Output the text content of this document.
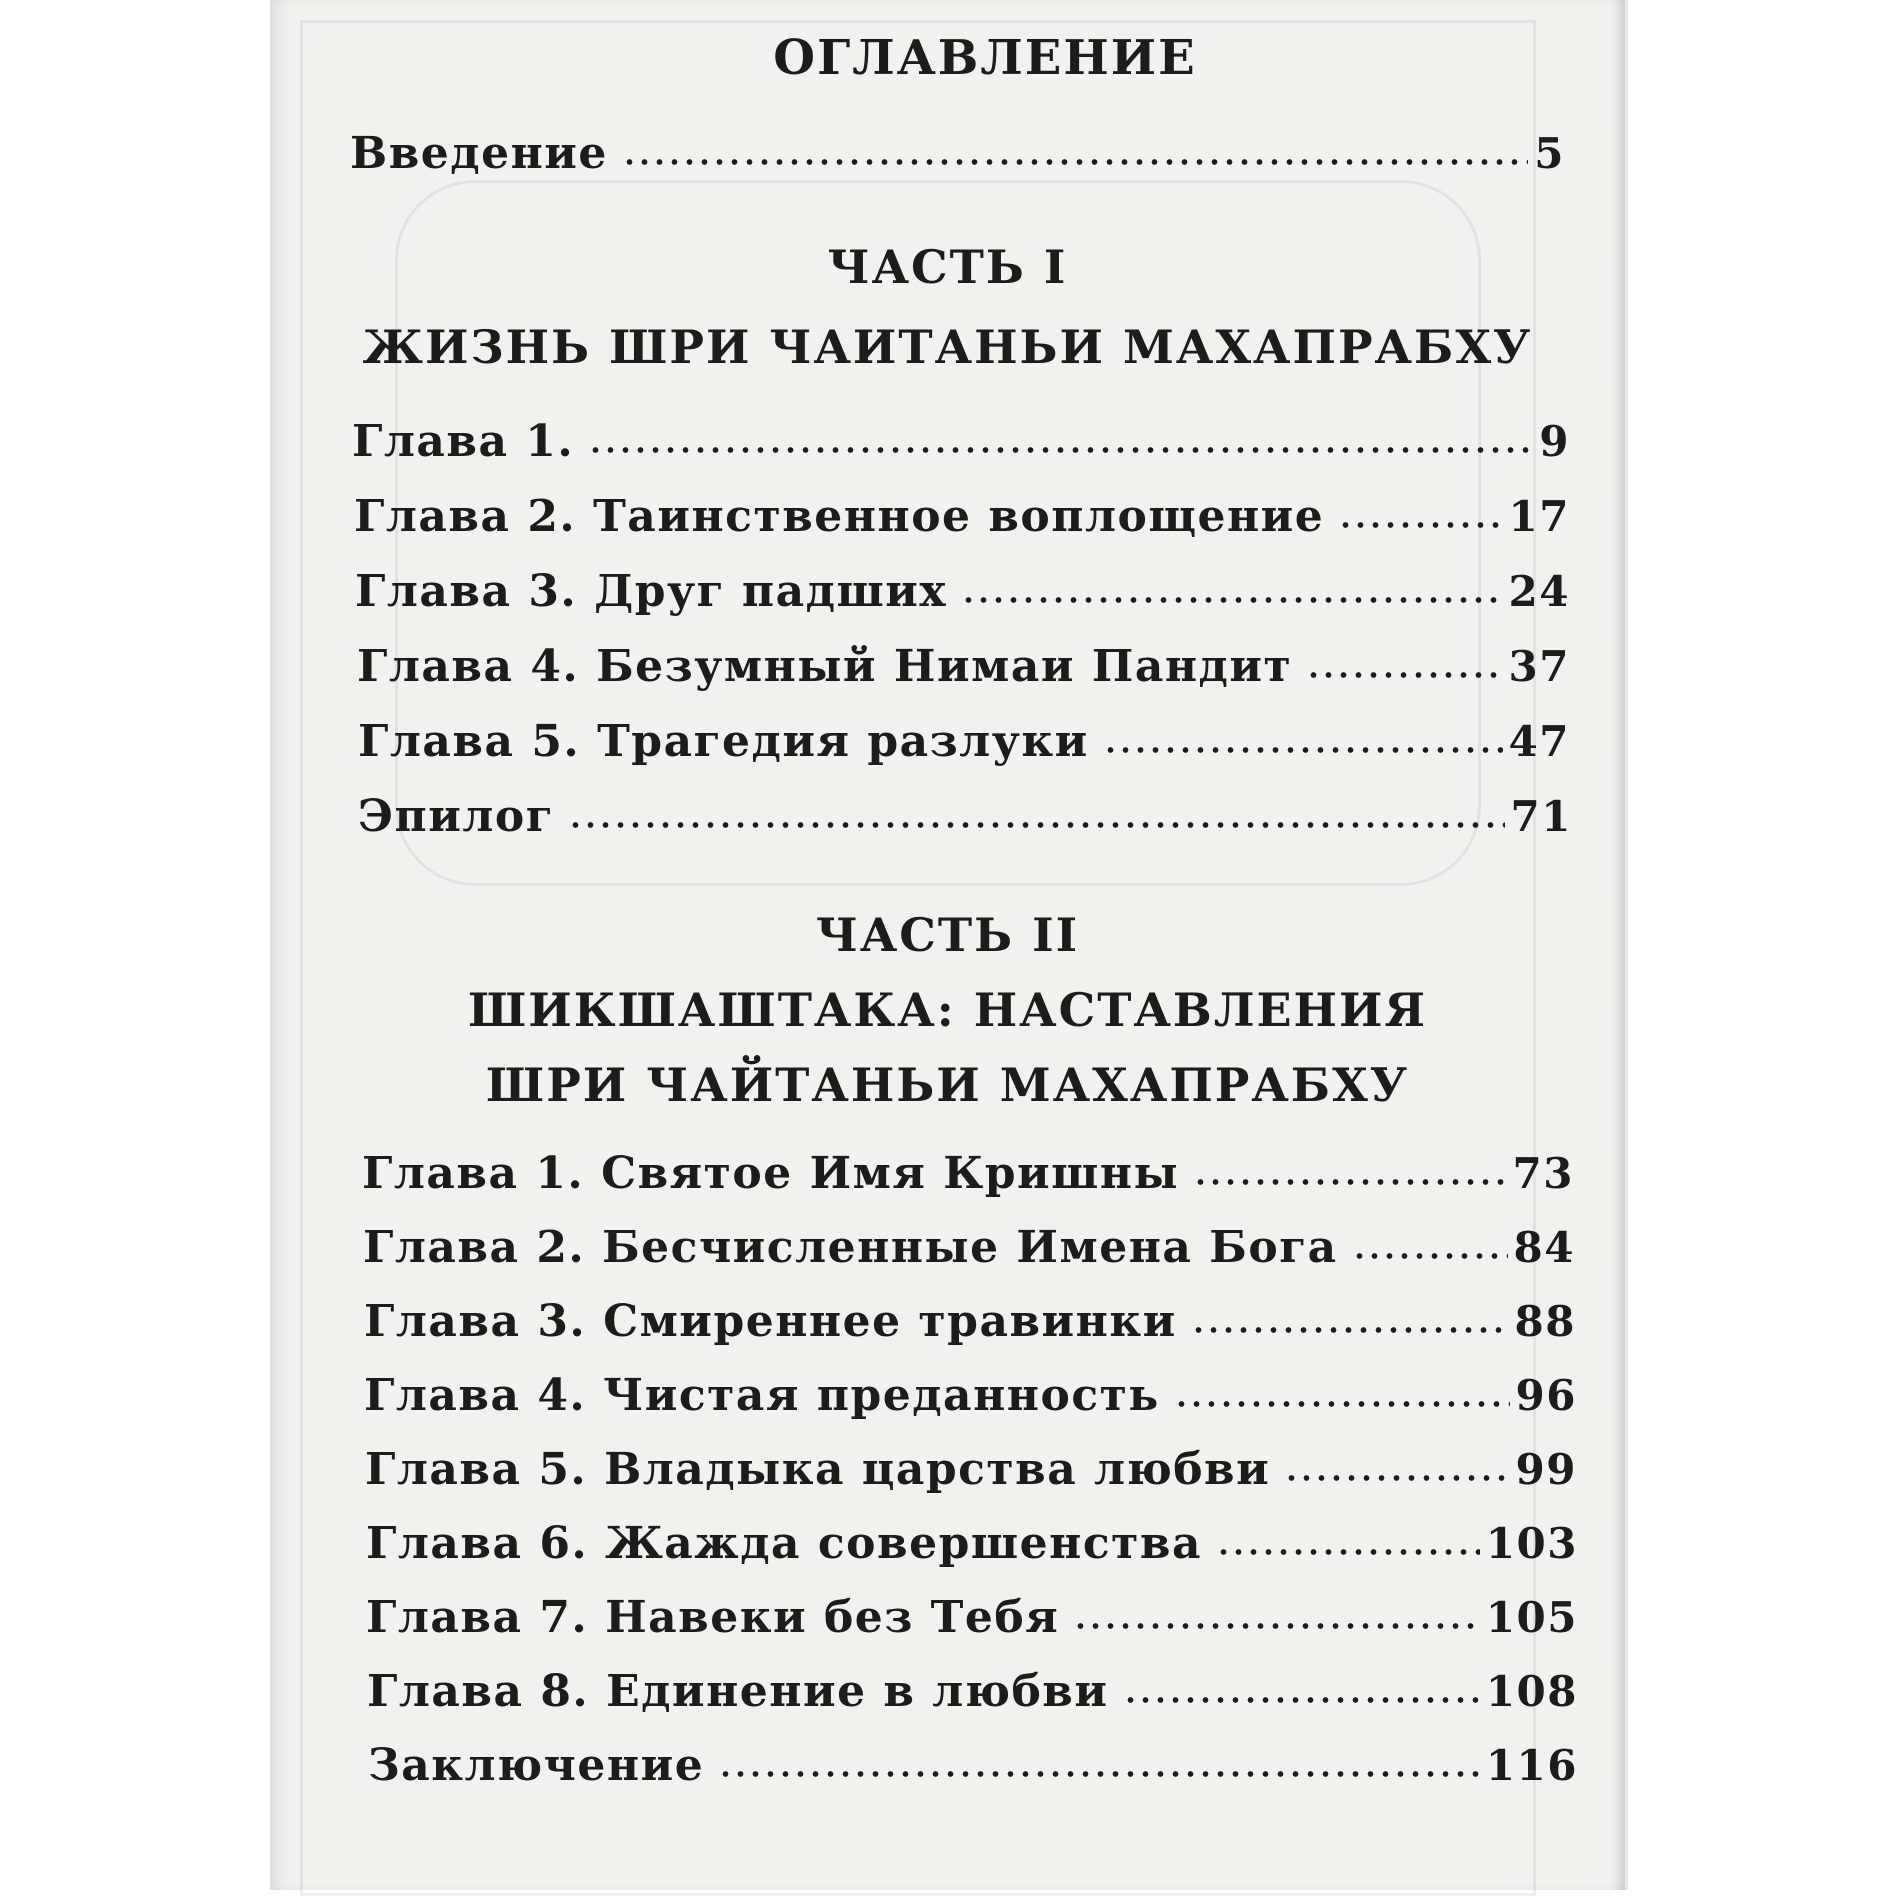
ОГЛАВЛЕНИЕ
Введение	5
ЧАСТЬ I
ЖИЗНЬ ШРИ ЧАИТАНЬИ МАХАПРАБХУ
Глава 1.	9
Глава 2. Таинственное воплощение	17
Глава 3. Друг падших	24
Глава 4. Безумный Нимаи Пандит	37
Глава 5. Трагедия разлуки	47
Эпилог	71
ЧАСТЬ II
ШИКШАШТАКА: НАСТАВЛЕНИЯ
ШРИ ЧАЙТАНЬИ МАХАПРАБХУ
Глава 1. Святое Имя Кришны	73
Глава 2. Бесчисленные Имена Бога	84
Глава 3. Смиреннее травинки	88
Глава 4. Чистая преданность	96
Глава 5. Владыка царства любви	99
Глава 6. Жажда совершенства	103
Глава 7. Навеки без Тебя	105
Глава 8. Единение в любви	108
Заключение	116
